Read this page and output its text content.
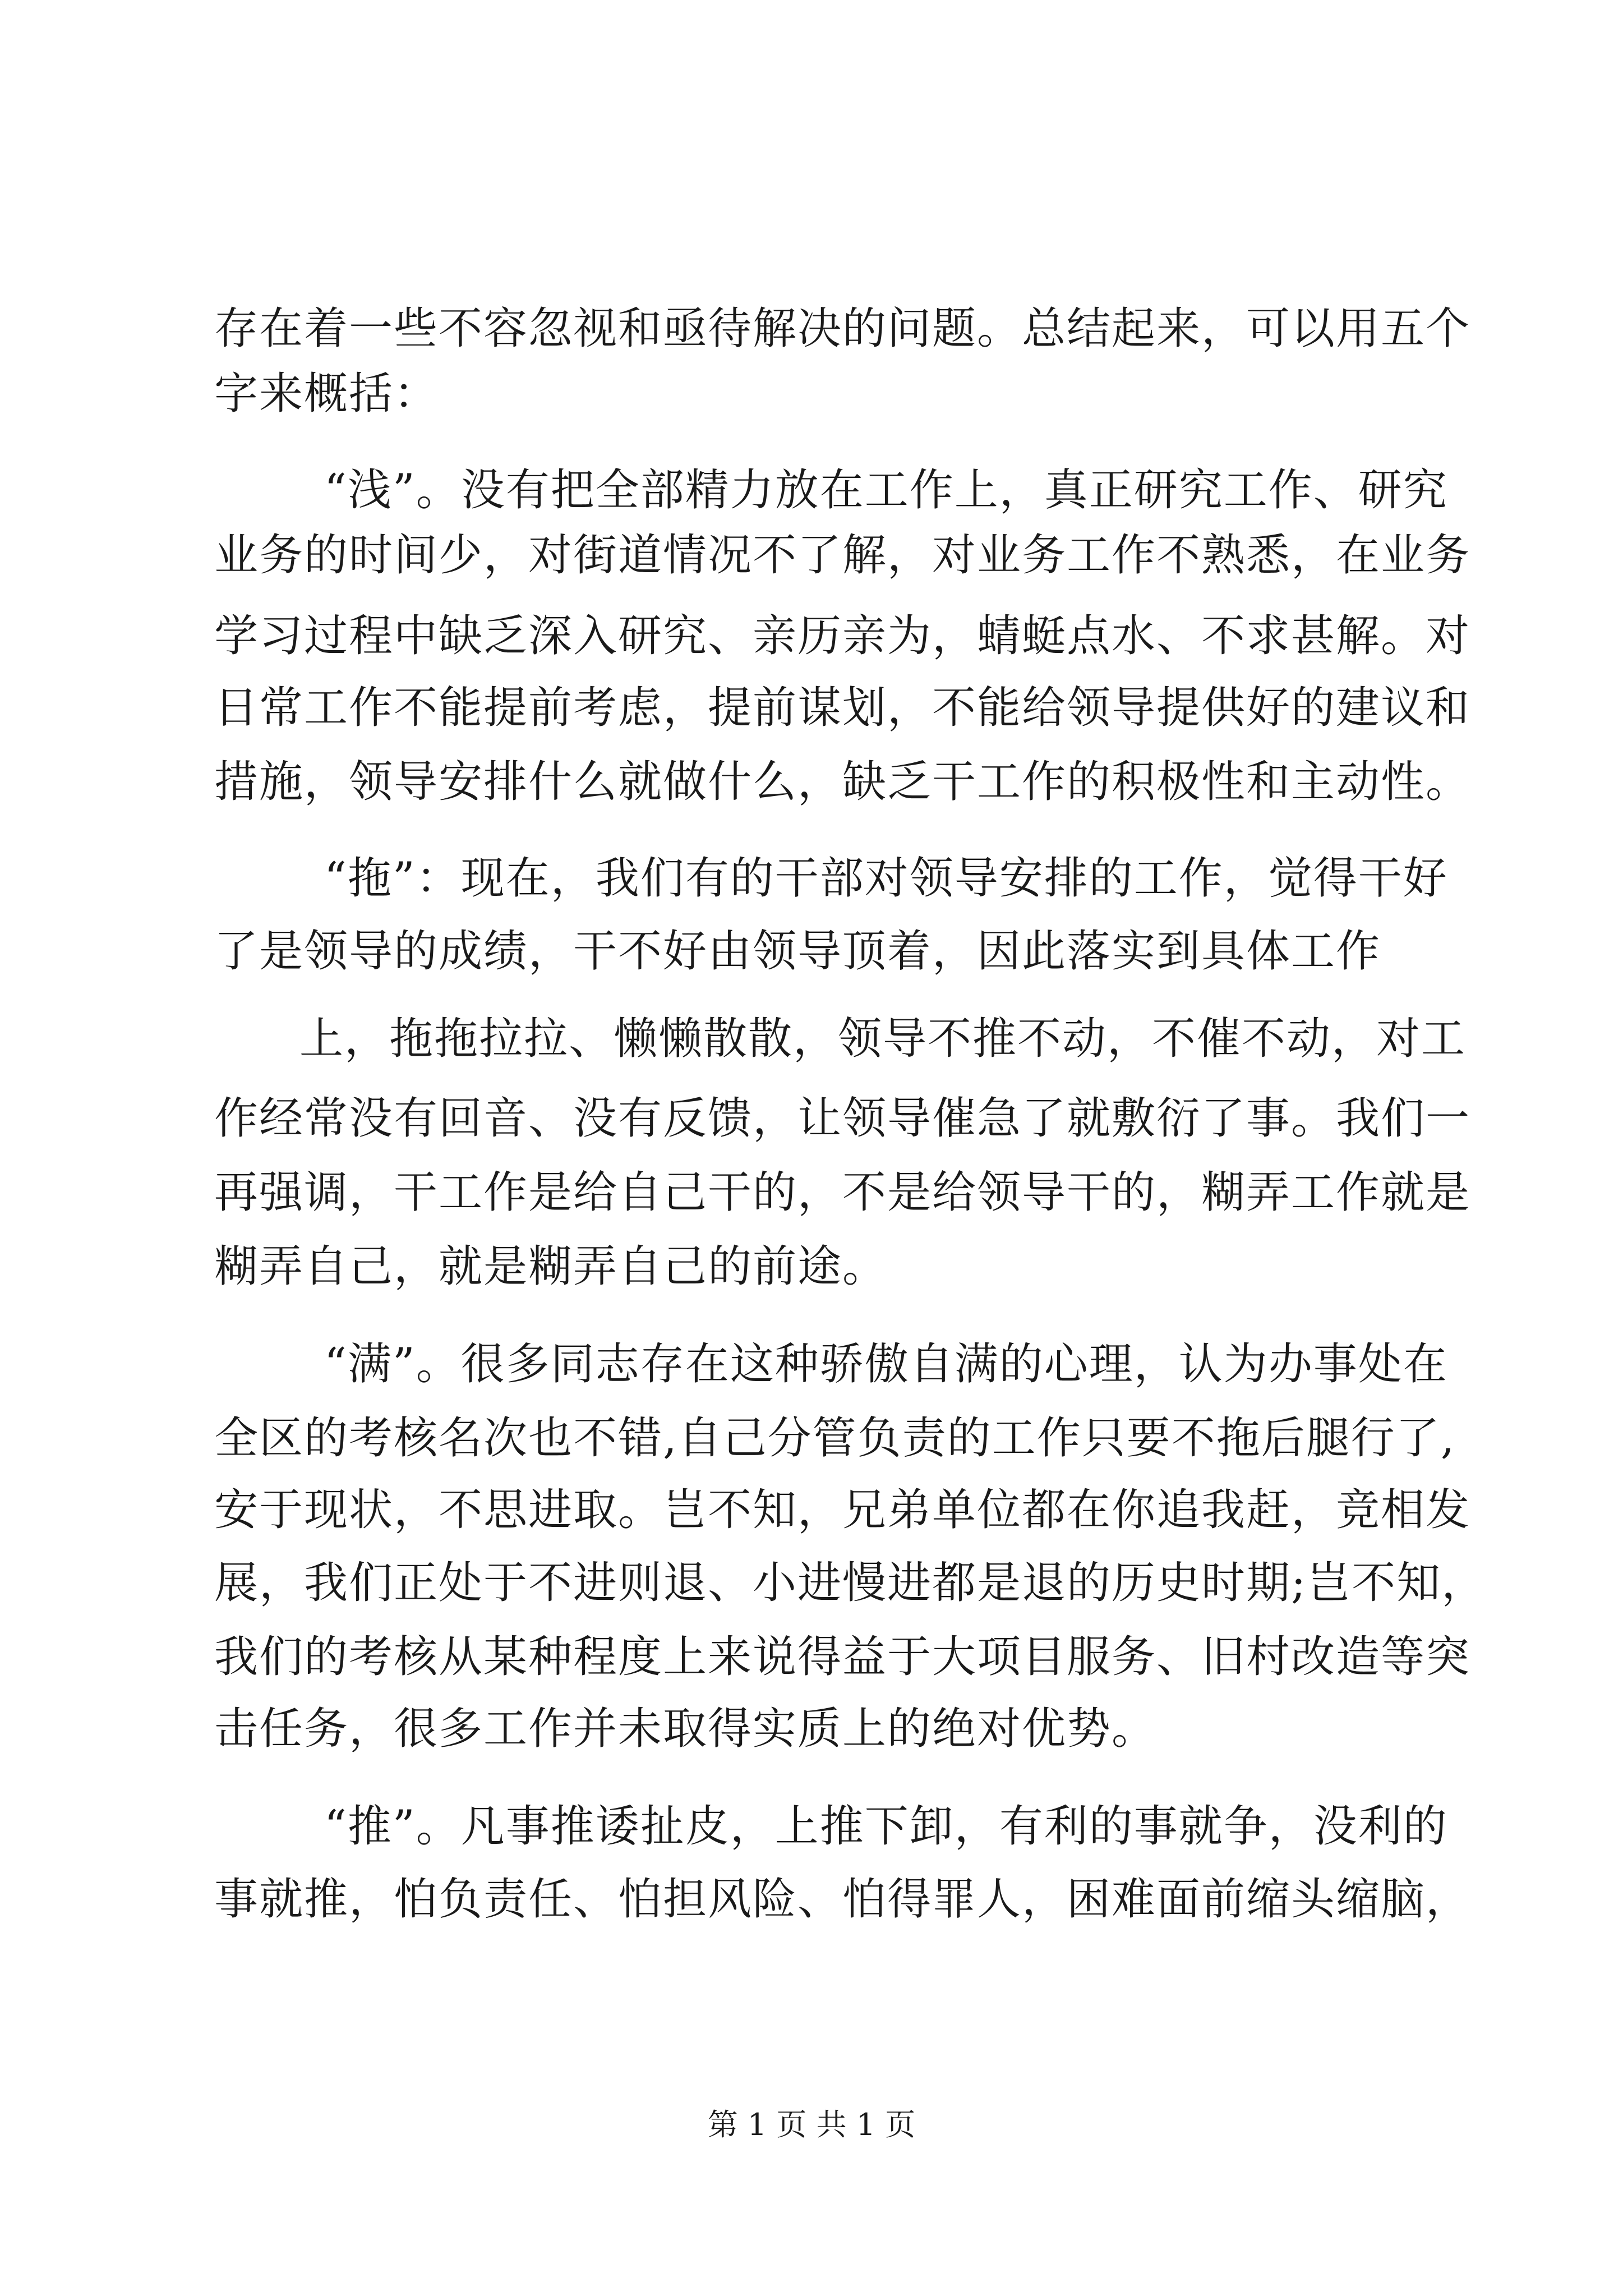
存在着一些不容忽视和亟待解决的问题。总结起来，可以用五个
字来概括：
“浅”。没有把全部精力放在工作上，真正研究工作、研究
业务的时间少，对街道情况不了解，对业务工作不熟悉，在业务
学习过程中缺乏深入研究、亲历亲为，蜻蜓点水、不求甚解。对
日常工作不能提前考虑，提前谋划，不能给领导提供好的建议和
措施，领导安排什么就做什么，缺乏干工作的积极性和主动性。
“拖”：现在，我们有的干部对领导安排的工作，觉得干好
了是领导的成绩，干不好由领导顶着，因此落实到具体工作
上，拖拖拉拉、懒懒散散，领导不推不动，不催不动，对工
作经常没有回音、没有反馈，让领导催急了就敷衍了事。我们一
再强调，干工作是给自己干的，不是给领导干的，糊弄工作就是
糊弄自己，就是糊弄自己的前途。
“满”。很多同志存在这种骄傲自满的心理，认为办事处在
全区的考核名次也不错,自己分管负责的工作只要不拖后腿行了,
安于现状，不思进取。岂不知，兄弟单位都在你追我赶，竞相发
展，我们正处于不进则退、小进慢进都是退的历史时期;岂不知，
我们的考核从某种程度上来说得益于大项目服务、旧村改造等突
击任务，很多工作并未取得实质上的绝对优势。
“推”。凡事推诿扯皮，上推下卸，有利的事就争，没利的
事就推，怕负责任、怕担风险、怕得罪人，困难面前缩头缩脑，
第 1 页 共 1 页
